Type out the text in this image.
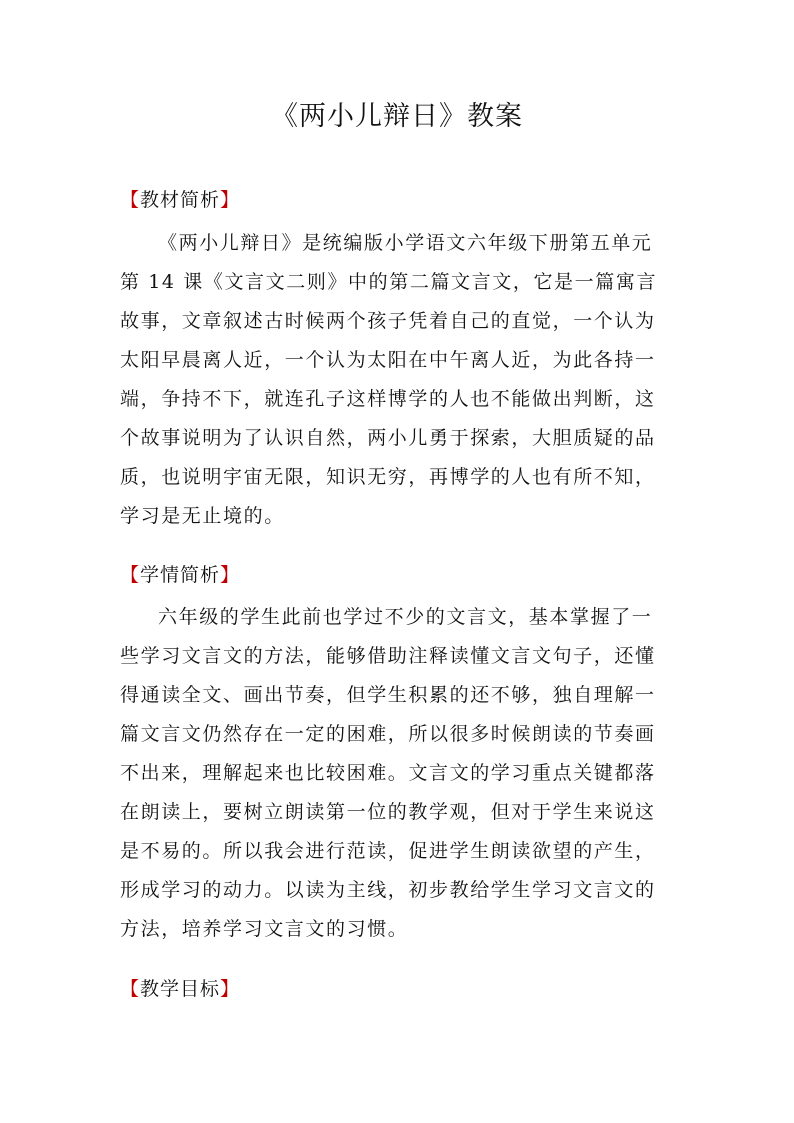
《两小儿辩日》教案
【教材简析】
《两小儿辩日》是统编版小学语文六年级下册第五单元
第 14 课《文言文二则》中的第二篇文言文，它是一篇寓言
故事，文章叙述古时候两个孩子凭着自己的直觉，一个认为
太阳早晨离人近，一个认为太阳在中午离人近，为此各持一
端，争持不下，就连孔子这样博学的人也不能做出判断，这
个故事说明为了认识自然，两小儿勇于探索，大胆质疑的品
质，也说明宇宙无限，知识无穷，再博学的人也有所不知，
学习是无止境的。
【学情简析】
六年级的学生此前也学过不少的文言文，基本掌握了一
些学习文言文的方法，能够借助注释读懂文言文句子，还懂
得通读全文、画出节奏，但学生积累的还不够，独自理解一
篇文言文仍然存在一定的困难，所以很多时候朗读的节奏画
不出来，理解起来也比较困难。文言文的学习重点关键都落
在朗读上，要树立朗读第一位的教学观，但对于学生来说这
是不易的。所以我会进行范读，促进学生朗读欲望的产生，
形成学习的动力。以读为主线，初步教给学生学习文言文的
方法，培养学习文言文的习惯。
【教学目标】
